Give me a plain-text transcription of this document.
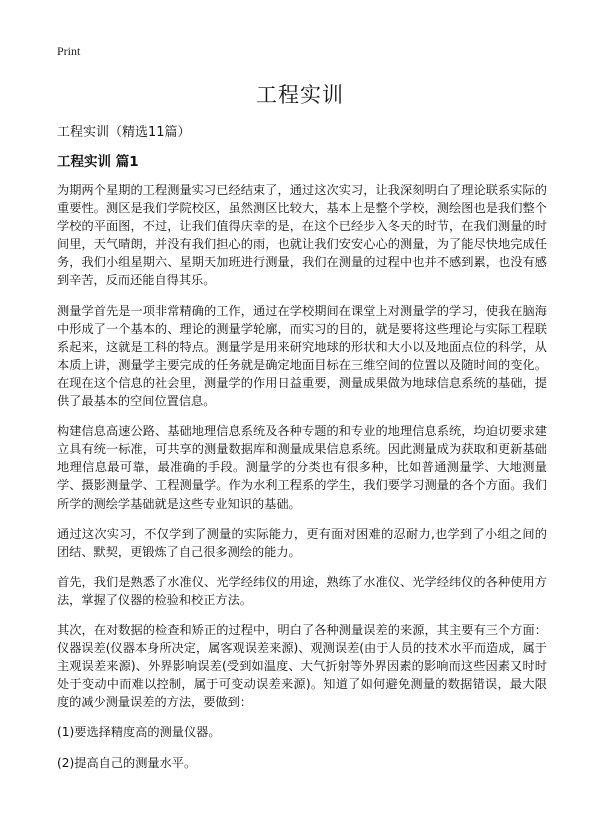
Print
工程实训
工程实训（精选11篇）
工程实训 篇1

为期两个星期的工程测量实习已经结束了，通过这次实习，让我深刻明白了理论联系实际的重要性。测区是我们学院校区，虽然测区比较大，基本上是整个学校，测绘图也是我们整个学校的平面图，不过，让我们值得庆幸的是，在这个已经步入冬天的时节，在我们测量的时间里，天气晴朗，并没有我们担心的雨，也就让我们安安心心的测量，为了能尽快地完成任务，我们小组星期六、星期天加班进行测量，我们在测量的过程中也并不感到累，也没有感到辛苦，反而还能自得其乐。

测量学首先是一项非常精确的工作，通过在学校期间在课堂上对测量学的学习，使我在脑海中形成了一个基本的、理论的测量学轮廓，而实习的目的，就是要将这些理论与实际工程联系起来，这就是工科的特点。测量学是用来研究地球的形状和大小以及地面点位的科学，从本质上讲，测量学主要完成的任务就是确定地面目标在三维空间的位置以及随时间的变化。在现在这个信息的社会里，测量学的作用日益重要，测量成果做为地球信息系统的基础，提供了最基本的空间位置信息。

构建信息高速公路、基础地理信息系统及各种专题的和专业的地理信息系统，均迫切要求建立具有统一标准，可共享的测量数据库和测量成果信息系统。因此测量成为获取和更新基础地理信息最可靠，最准确的手段。测量学的分类也有很多种，比如普通测量学、大地测量学、摄影测量学、工程测量学。作为水利工程系的学生，我们要学习测量的各个方面。我们所学的测绘学基础就是这些专业知识的基础。

通过这次实习，不仅学到了测量的实际能力，更有面对困难的忍耐力,也学到了小组之间的团结、默契，更锻炼了自己很多测绘的能力。

首先，我们是熟悉了水准仪、光学经纬仪的用途，熟练了水准仪、光学经纬仪的各种使用方法，掌握了仪器的检验和校正方法。

其次，在对数据的检查和矫正的过程中，明白了各种测量误差的来源，其主要有三个方面：仪器误差(仪器本身所决定，属客观误差来源)、观测误差(由于人员的技术水平而造成，属于主观误差来源)、外界影响误差(受到如温度、大气折射等外界因素的影响而这些因素又时时处于变动中而难以控制，属于可变动误差来源)。知道了如何避免测量的数据错误，最大限度的减少测量误差的方法，要做到：

(1)要选择精度高的测量仪器。

(2)提高自己的测量水平。
